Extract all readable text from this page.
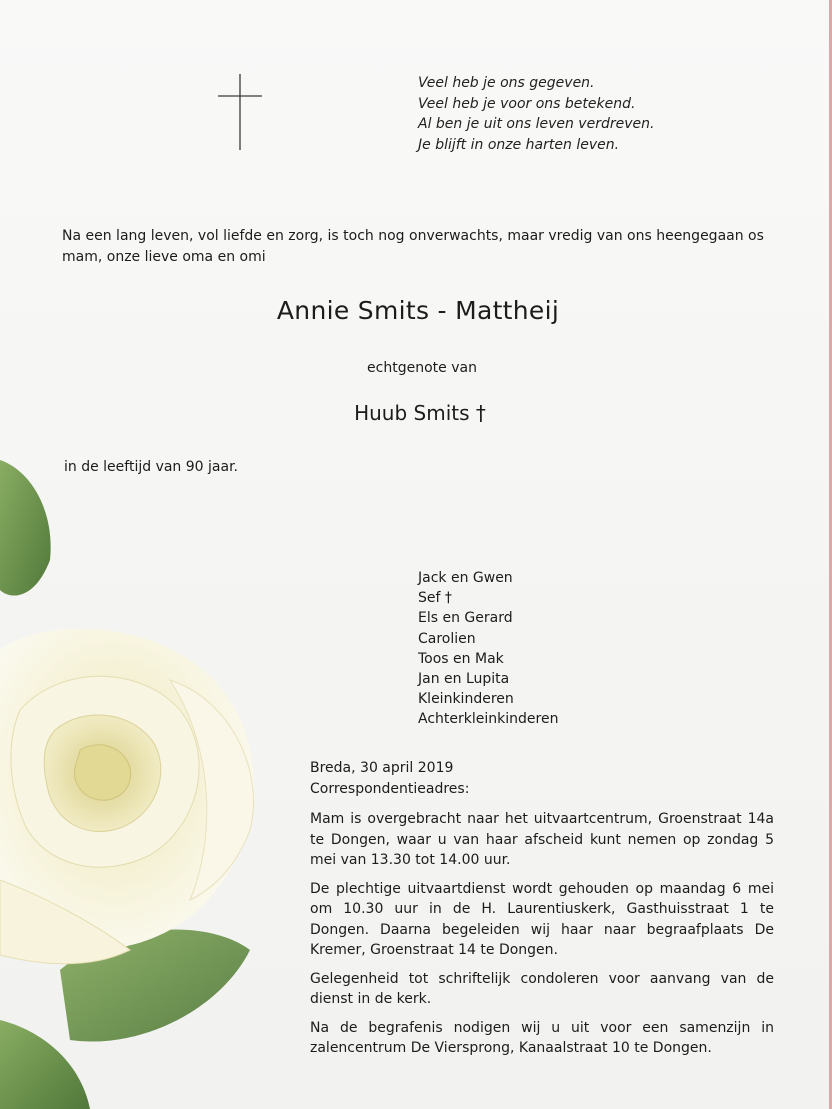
Veel heb je ons gegeven.
Veel heb je voor ons betekend.
Al ben je uit ons leven verdreven.
Je blijft in onze harten leven.
Na een lang leven, vol liefde en zorg, is toch nog onverwachts, maar vredig van ons heengegaan os mam, onze lieve oma en omi
Annie Smits - Mattheij
echtgenote van
Huub Smits †
in de leeftijd van 90 jaar.
Jack en Gwen
Sef †
Els en Gerard
Carolien
Toos en Mak
Jan en Lupita
Kleinkinderen
Achterkleinkinderen

Breda, 30 april 2019

Correspondentieadres:

Mam is overgebracht naar het uitvaartcentrum, Groenstraat 14a te Dongen, waar u van haar afscheid kunt nemen op zondag 5 mei van 13.30 tot 14.00 uur.

De plechtige uitvaartdienst wordt gehouden op maandag 6 mei om 10.30 uur in de H. Laurentiuskerk, Gasthuisstraat 1 te Dongen. Daarna begeleiden wij haar naar begraafplaats De Kremer, Groenstraat 14 te Dongen.

Gelegenheid tot schriftelijk condoleren voor aanvang van de dienst in de kerk.

Na de begrafenis nodigen wij u uit voor een samenzijn in zalencentrum De Viersprong, Kanaalstraat 10 te Dongen.
